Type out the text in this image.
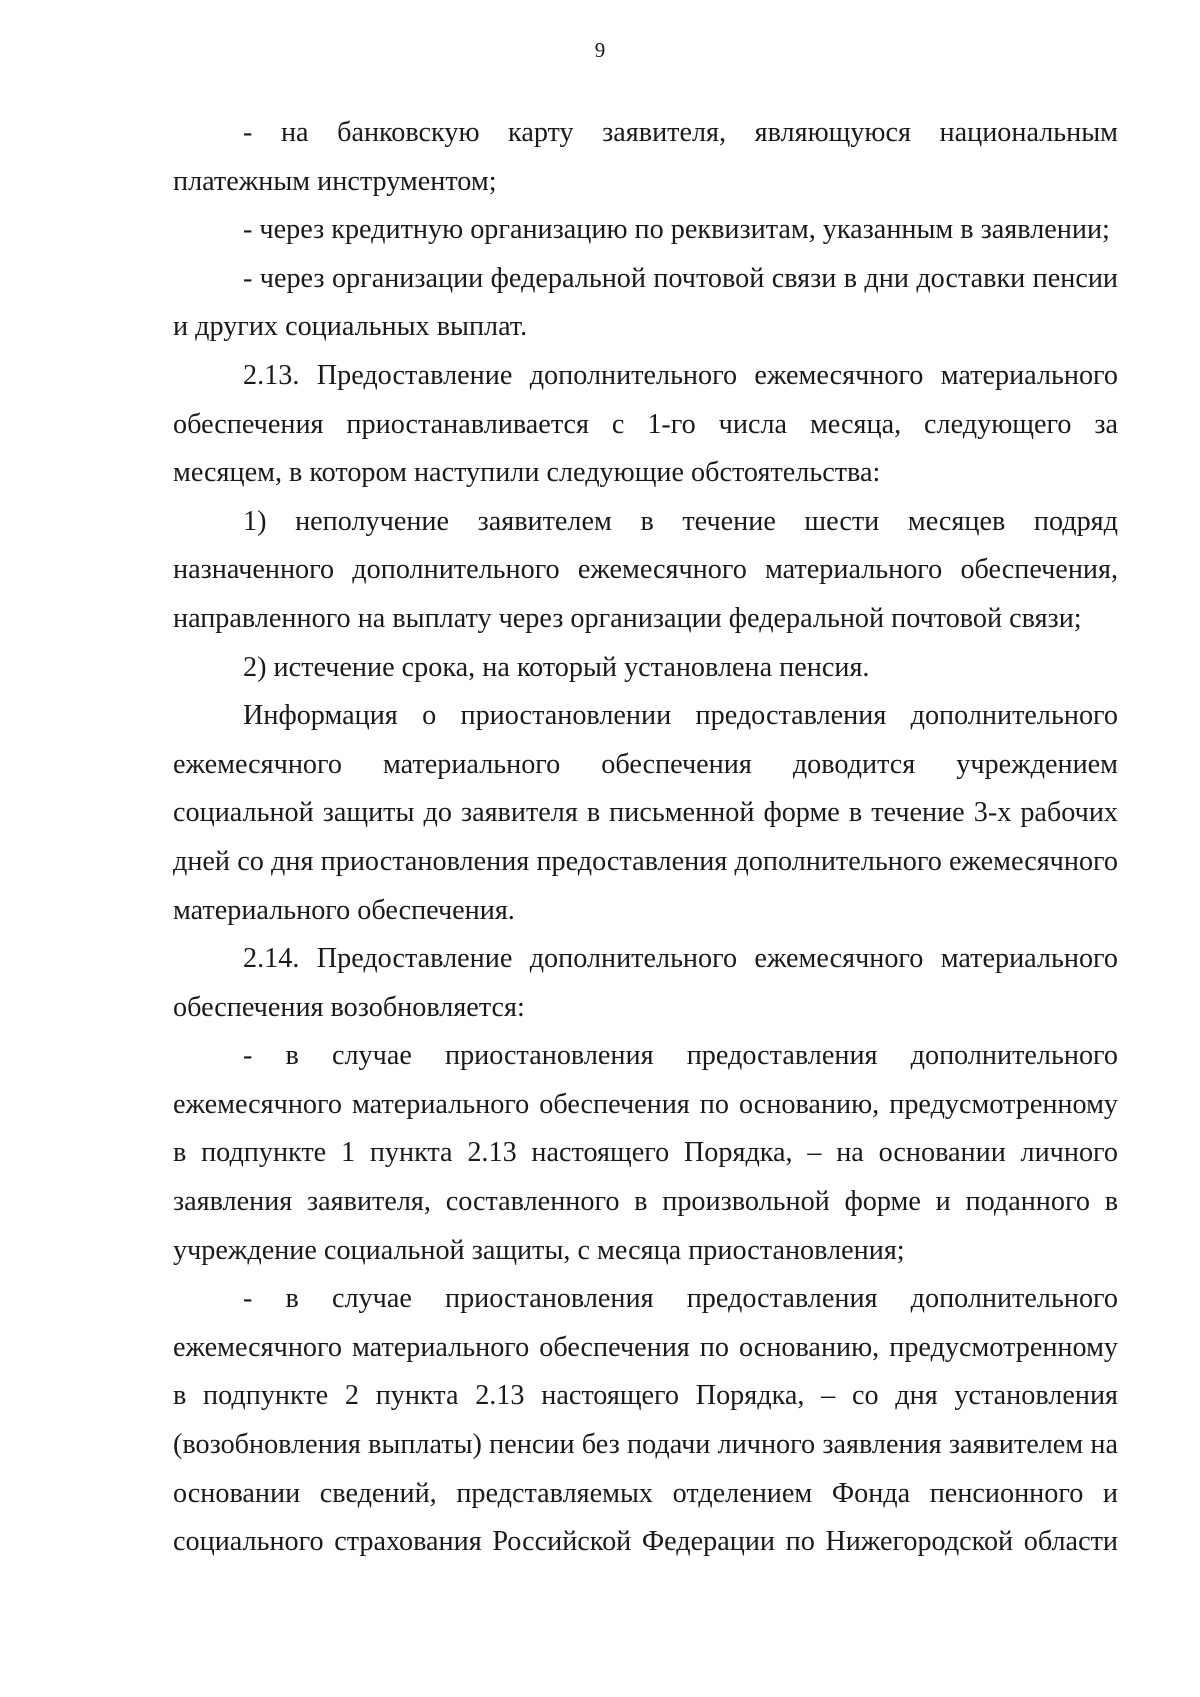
9

- на банковскую карту заявителя, являющуюся национальным платежным инструментом;

- через кредитную организацию по реквизитам, указанным в заявлении;

- через организации федеральной почтовой связи в дни доставки пенсии и других социальных выплат.

2.13. Предоставление дополнительного ежемесячного материального обеспечения приостанавливается с 1-го числа месяца, следующего за месяцем, в котором наступили следующие обстоятельства:

1) неполучение заявителем в течение шести месяцев подряд назначенного дополнительного ежемесячного материального обеспечения, направленного на выплату через организации федеральной почтовой связи;

2) истечение срока, на который установлена пенсия.

Информация о приостановлении предоставления дополнительного ежемесячного материального обеспечения доводится учреждением социальной защиты до заявителя в письменной форме в течение 3-х рабочих дней со дня приостановления предоставления дополнительного ежемесячного материального обеспечения.

2.14. Предоставление дополнительного ежемесячного материального обеспечения возобновляется:

- в случае приостановления предоставления дополнительного ежемесячного материального обеспечения по основанию, предусмотренному в подпункте 1 пункта 2.13 настоящего Порядка, – на основании личного заявления заявителя, составленного в произвольной форме и поданного в учреждение социальной защиты, с месяца приостановления;

- в случае приостановления предоставления дополнительного ежемесячного материального обеспечения по основанию, предусмотренному в подпункте 2 пункта 2.13 настоящего Порядка, – со дня установления (возобновления выплаты) пенсии без подачи личного заявления заявителем на основании сведений, представляемых отделением Фонда пенсионного и социального страхования Российской Федерации по Нижегородской области
